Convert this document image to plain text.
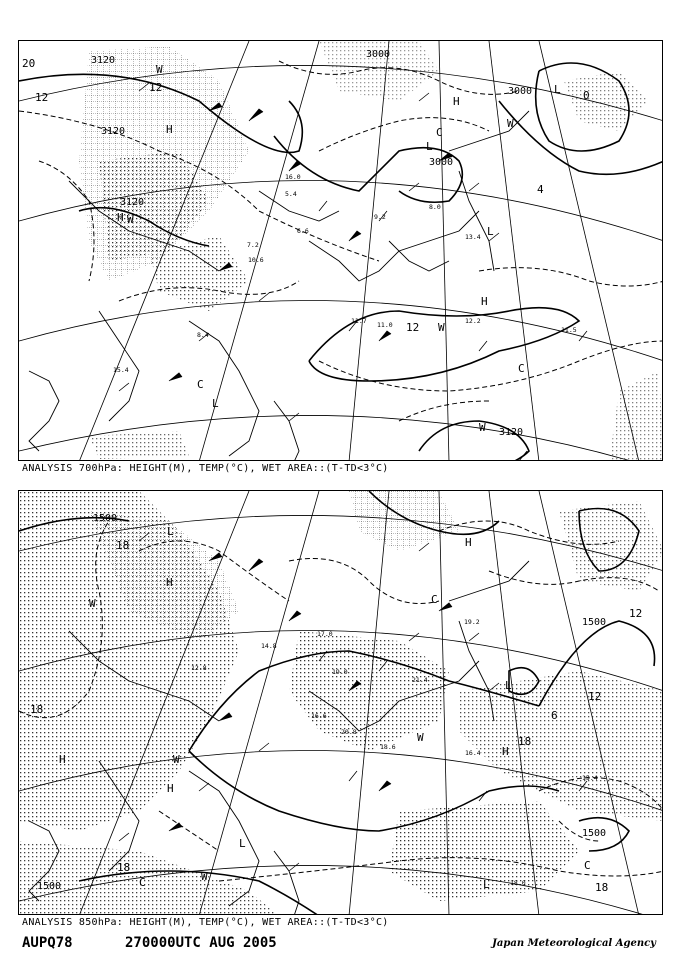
16.0
5.4
7.2
6.6
11.7 11.0	12.2
13.4
9.2
10.6
8.4
15.4
11.5
8.0
3000
3000
3000
3120
3120
3120
3120
20
12
12
12
4
0
H
H
H
H
L
L
L
L
C
C
C
W
W
W
W
W
ANALYSIS 700hPa: HEIGHT(M), TEMP(°C), WET AREA::(T-TD<3°C)
17.0
14.8
12.8
16.6
20.8
18.6
19.0
16.4
15.4
19.2
18.0
21.4
1500
1500
1500
1500
18
18
18
18
18
12
12
6
H
H
H
H
H
L
L
L
L
C
C
C
W
W
W
W
ANALYSIS 850hPa: HEIGHT(M), TEMP(°C), WET AREA::(T-TD<3°C)
AUPQ78	270000UTC AUG 2005	Japan Meteorological Agency
